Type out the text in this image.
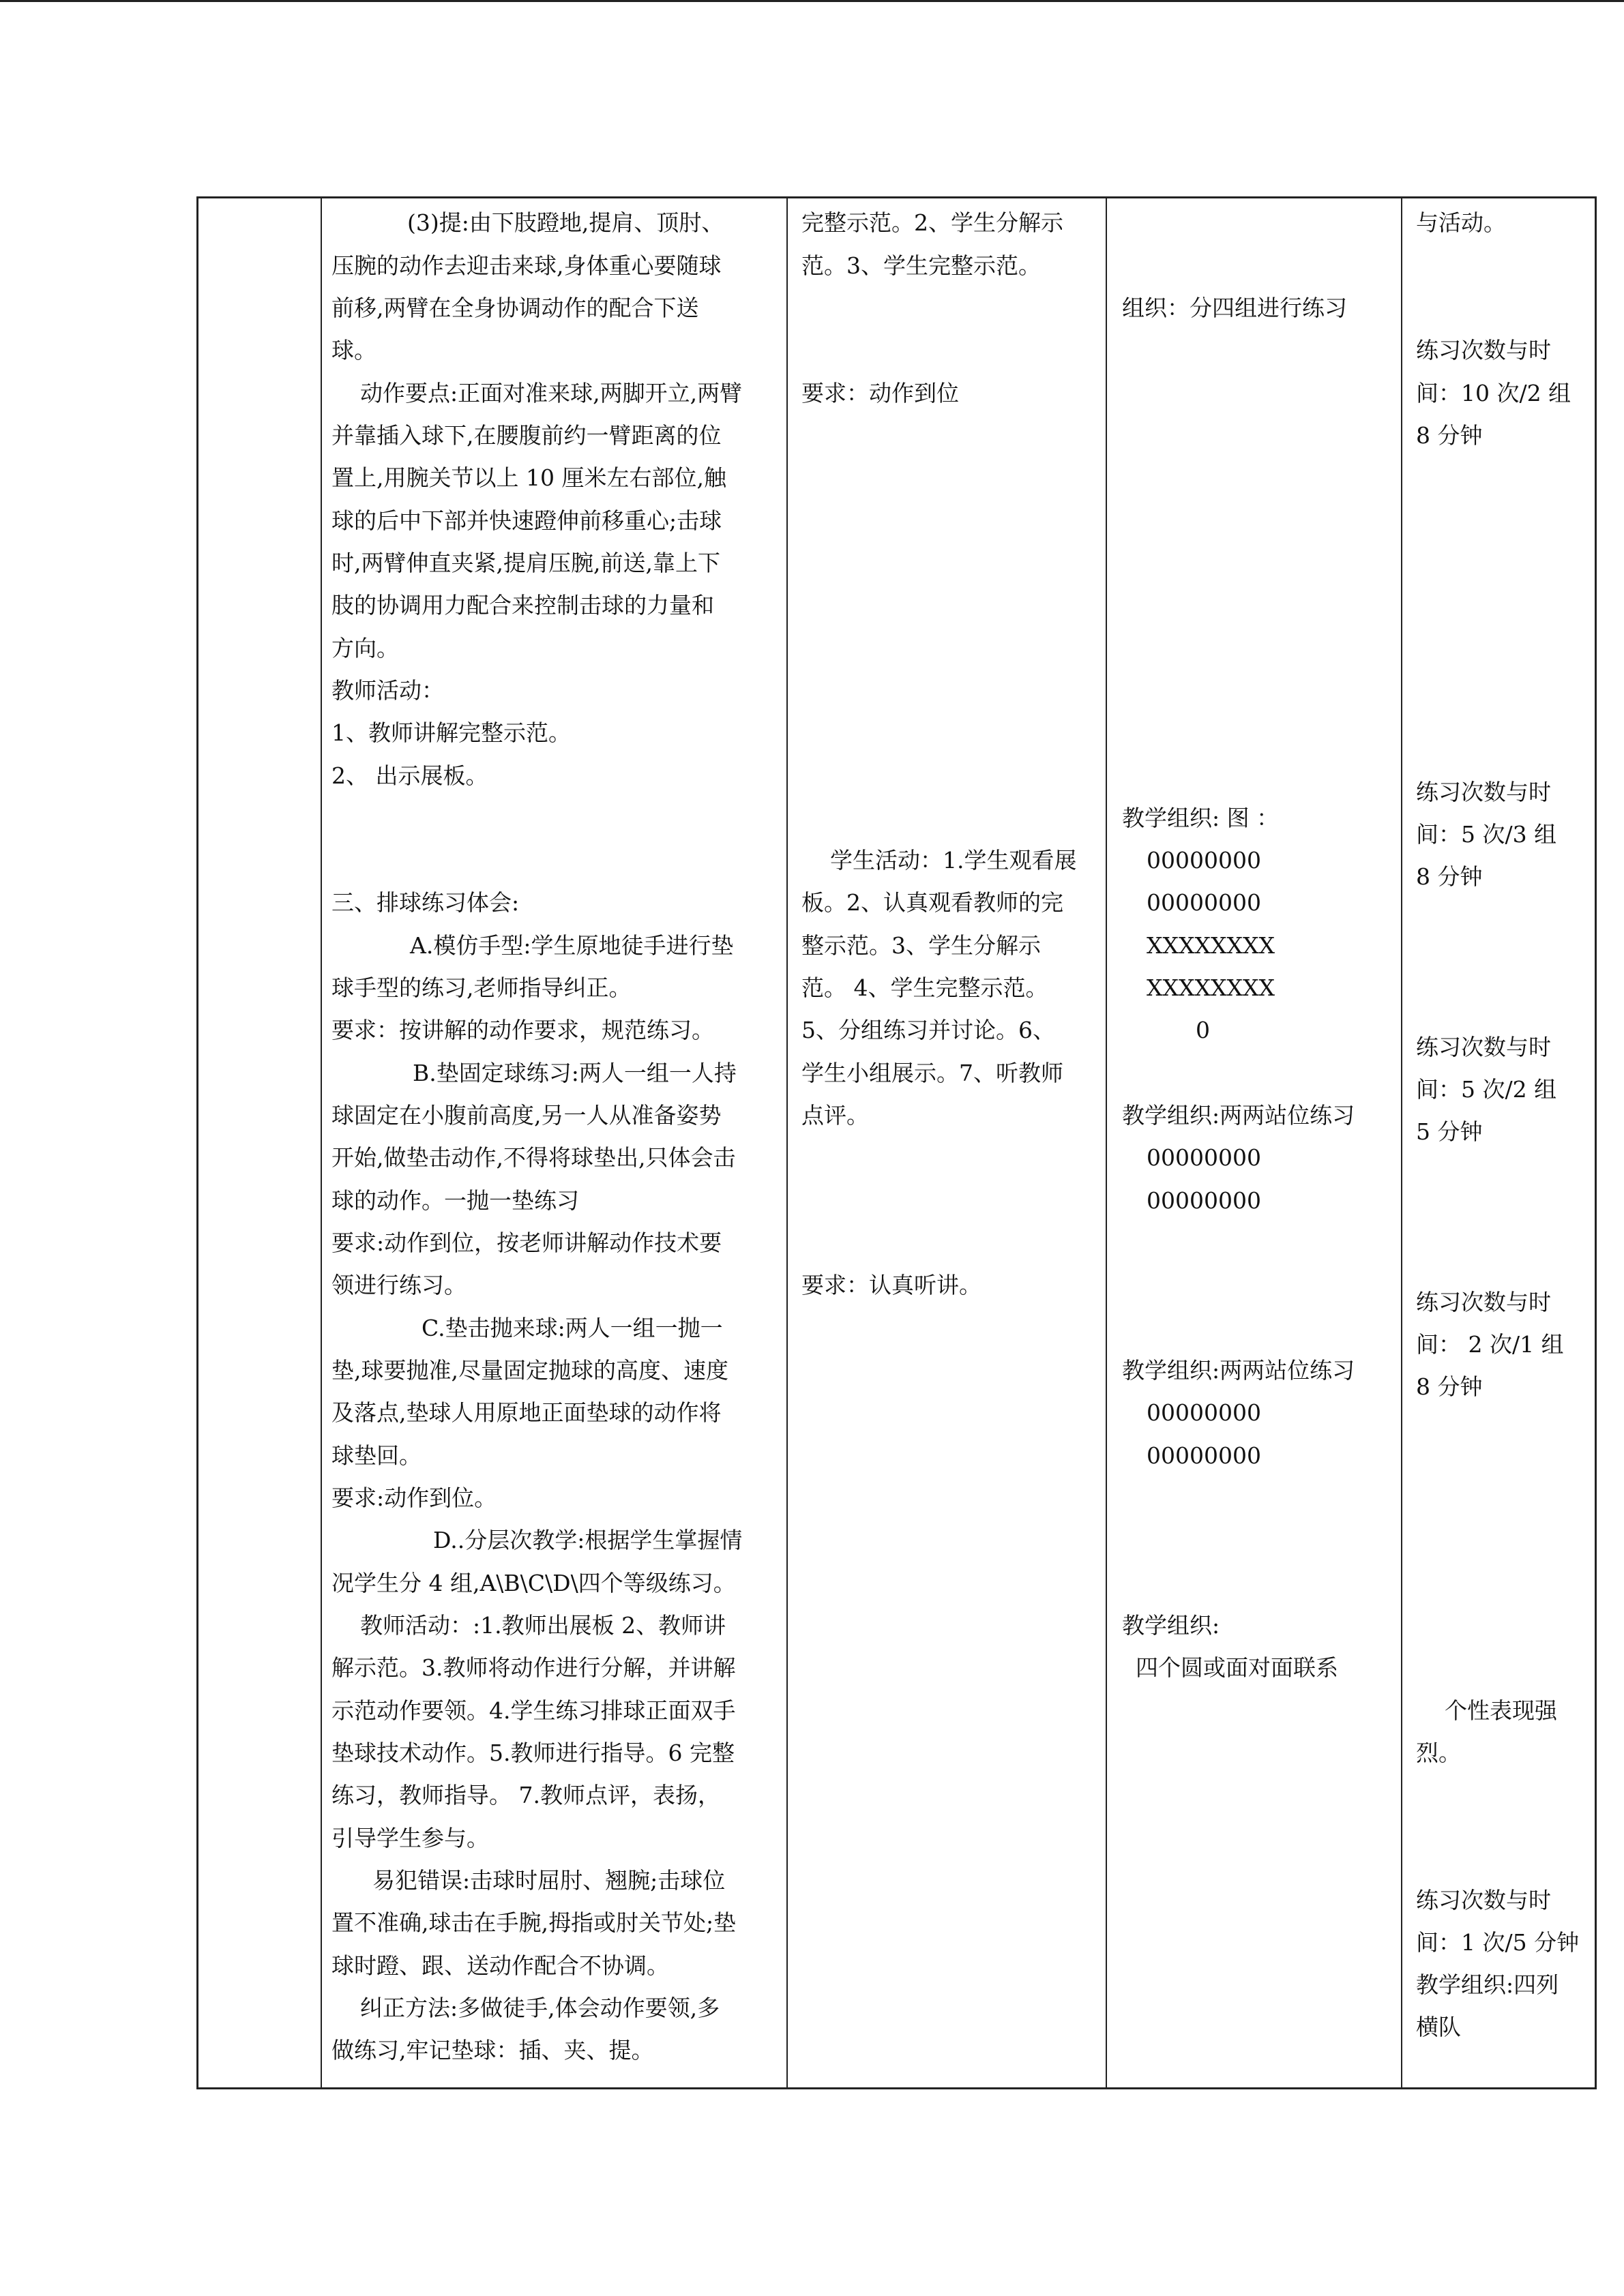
(3)提:由下肢蹬地,提肩、顶肘、
压腕的动作去迎击来球,身体重心要随球
前移,两臂在全身协调动作的配合下送
球。
动作要点:正面对准来球,两脚开立,两臂
并靠插入球下,在腰腹前约一臂距离的位
置上,用腕关节以上 10 厘米左右部位,触
球的后中下部并快速蹬伸前移重心;击球
时,两臂伸直夹紧,提肩压腕,前送,靠上下
肢的协调用力配合来控制击球的力量和
方向。
教师活动：
1、教师讲解完整示范。
2、 出示展板。
三、排球练习体会:
A.模仿手型:学生原地徒手进行垫
球手型的练习,老师指导纠正。
要求：按讲解的动作要求，规范练习。
B.垫固定球练习:两人一组一人持
球固定在小腹前高度,另一人从准备姿势
开始,做垫击动作,不得将球垫出,只体会击
球的动作。一抛一垫练习
要求:动作到位，按老师讲解动作技术要
领进行练习。
C.垫击抛来球:两人一组一抛一
垫,球要抛准,尽量固定抛球的高度、速度
及落点,垫球人用原地正面垫球的动作将
球垫回。
要求:动作到位。
D..分层次教学:根据学生掌握情
况学生分 4 组,A\B\C\D\四个等级练习。
教师活动：:1.教师出展板 2、教师讲
解示范。3.教师将动作进行分解，并讲解
示范动作要领。4.学生练习排球正面双手
垫球技术动作。5.教师进行指导。6 完整
练习，教师指导。 7.教师点评，表扬，
引导学生参与。
易犯错误:击球时屈肘、翘腕;击球位
置不准确,球击在手腕,拇指或肘关节处;垫
球时蹬、跟、送动作配合不协调。
纠正方法:多做徒手,体会动作要领,多
做练习,牢记垫球：插、夹、提。
完整示范。2、学生分解示
范。3、学生完整示范。
要求：动作到位
学生活动：1.学生观看展
板。2、认真观看教师的完
整示范。3、学生分解示
范。 4、学生完整示范。
5、分组练习并讨论。6、
学生小组展示。7、听教师
点评。
要求：认真听讲。
组织：分四组进行练习
教学组织: 图 ：
00000000
00000000
XXXXXXXX
XXXXXXXX
0
教学组织:两两站位练习
00000000
00000000
教学组织:两两站位练习
00000000
00000000
教学组织:
四个圆或面对面联系
与活动。
练习次数与时
间：10 次/2 组
8 分钟
练习次数与时
间：5 次/3 组
8 分钟
练习次数与时
间：5 次/2 组
5 分钟
练习次数与时
间： 2 次/1 组
8 分钟
个性表现强
烈。
练习次数与时
间：1 次/5 分钟
教学组织:四列
横队
